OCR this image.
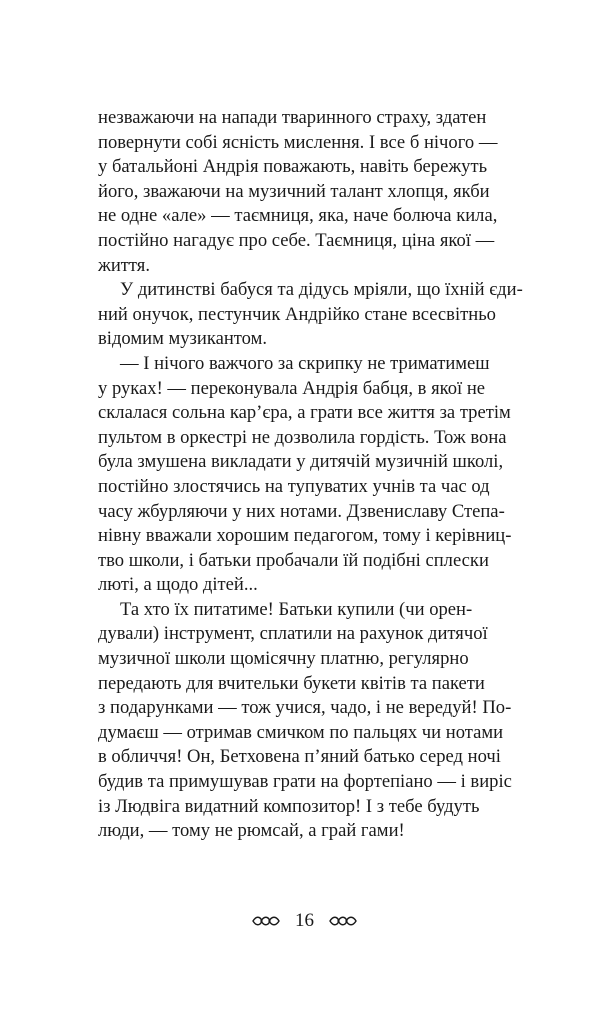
незважаючи на напади тваринного страху, здатен
повернути собі ясність мислення. І все б нічого —
у батальйоні Андрія поважають, навіть бережуть
його, зважаючи на музичний талант хлопця, якби
не одне «але» — таємниця, яка, наче болюча кила,
постійно нагадує про себе. Таємниця, ціна якої —
життя.
У дитинстві бабуся та дідусь мріяли, що їхній єди-
ний онучок, пестунчик Андрійко стане всесвітньо
відомим музикантом.
— І нічого важчого за скрипку не триматимеш
у руках! — переконувала Андрія бабця, в якої не
склалася сольна кар’єра, а грати все життя за третім
пультом в оркестрі не дозволила гордість. Тож вона
була змушена викладати у дитячій музичній школі,
постійно злостячись на тупуватих учнів та час од
часу жбурляючи у них нотами. Дзвениславу Степа-
нівну вважали хорошим педагогом, тому і керівниц-
тво школи, і батьки пробачали їй подібні сплески
люті, а щодо дітей...
Та хто їх питатиме! Батьки купили (чи орен-
дували) інструмент, сплатили на рахунок дитячої
музичної школи щомісячну платню, регулярно
передають для вчительки букети квітів та пакети
з подарунками — тож учися, чадо, і не вередуй! По-
думаєш — отримав смичком по пальцях чи нотами
в обличчя! Он, Бетховена п’яний батько серед ночі
будив та примушував грати на фортепіано — і виріс
із Людвіга видатний композитор! І з тебе будуть
люди, — тому не рюмсай, а грай гами!
16
